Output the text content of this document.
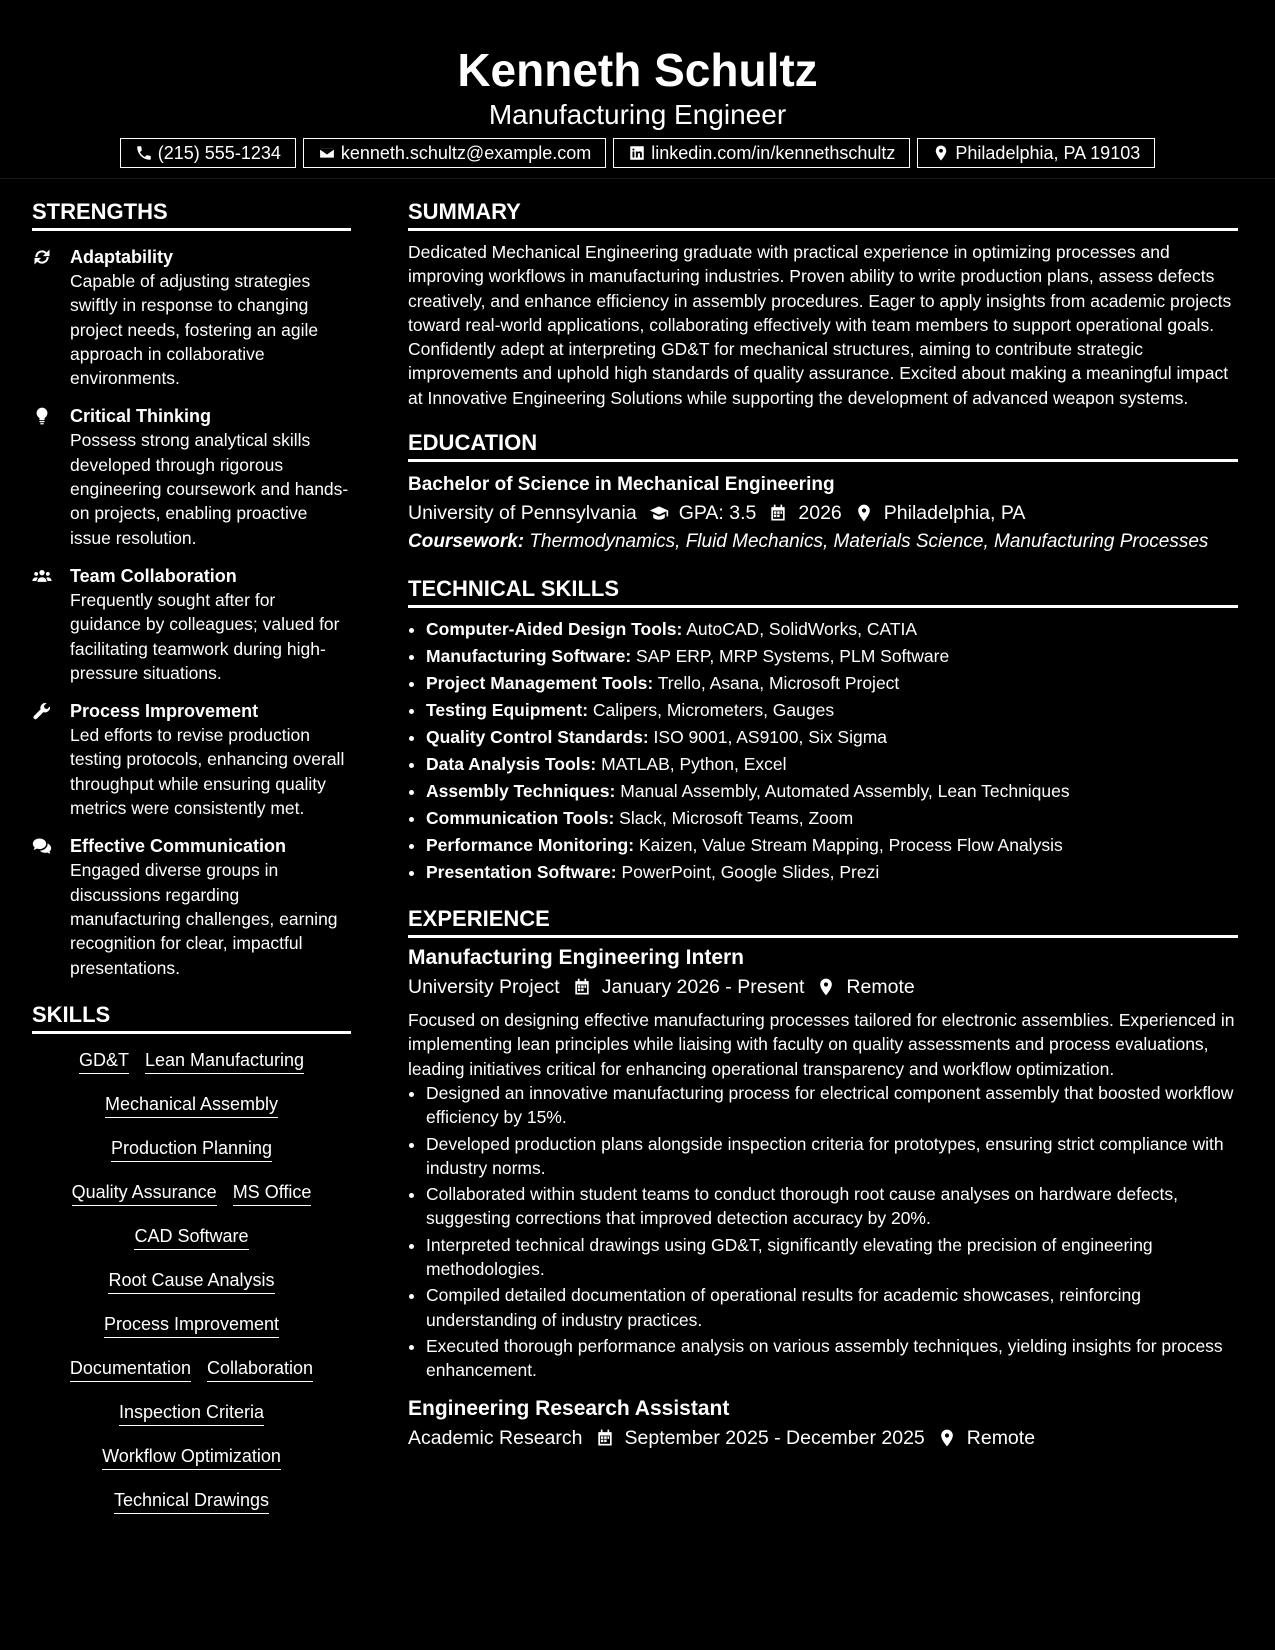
Kenneth Schultz
Manufacturing Engineer
(215) 555-1234	kenneth.schultz@example.com	linkedin.com/in/kennethschultz	Philadelphia, PA 19103
STRENGTHS
Adaptability
Capable of adjusting strategies swiftly in response to changing project needs, fostering an agile approach in collaborative environments.
Critical Thinking
Possess strong analytical skills developed through rigorous engineering coursework and hands-on projects, enabling proactive issue resolution.
Team Collaboration
Frequently sought after for guidance by colleagues; valued for facilitating teamwork during high-pressure situations.
Process Improvement
Led efforts to revise production testing protocols, enhancing overall throughput while ensuring quality metrics were consistently met.
Effective Communication
Engaged diverse groups in discussions regarding manufacturing challenges, earning recognition for clear, impactful presentations.
SKILLS
GD&T Lean Manufacturing
Mechanical Assembly
Production Planning
Quality Assurance MS Office
CAD Software
Root Cause Analysis
Process Improvement
Documentation Collaboration
Inspection Criteria
Workflow Optimization
Technical Drawings
SUMMARY

Dedicated Mechanical Engineering graduate with practical experience in optimizing processes and improving workflows in manufacturing industries. Proven ability to write production plans, assess defects creatively, and enhance efficiency in assembly procedures. Eager to apply insights from academic projects toward real-world applications, collaborating effectively with team members to support operational goals. Confidently adept at interpreting GD&T for mechanical structures, aiming to contribute strategic improvements and uphold high standards of quality assurance. Excited about making a meaningful impact at Innovative Engineering Solutions while supporting the development of advanced weapon systems.

EDUCATION
Bachelor of Science in Mechanical Engineering
University of Pennsylvania GPA: 3.5 2026 Philadelphia, PA
Coursework: Thermodynamics, Fluid Mechanics, Materials Science, Manufacturing Processes
TECHNICAL SKILLS
• Computer-Aided Design Tools: AutoCAD, SolidWorks, CATIA
• Manufacturing Software: SAP ERP, MRP Systems, PLM Software
• Project Management Tools: Trello, Asana, Microsoft Project
• Testing Equipment: Calipers, Micrometers, Gauges
• Quality Control Standards: ISO 9001, AS9100, Six Sigma
• Data Analysis Tools: MATLAB, Python, Excel
• Assembly Techniques: Manual Assembly, Automated Assembly, Lean Techniques
• Communication Tools: Slack, Microsoft Teams, Zoom
• Performance Monitoring: Kaizen, Value Stream Mapping, Process Flow Analysis
• Presentation Software: PowerPoint, Google Slides, Prezi
EXPERIENCE
Manufacturing Engineering Intern
University Project January 2026 - Present Remote

Focused on designing effective manufacturing processes tailored for electronic assemblies. Experienced in implementing lean principles while liaising with faculty on quality assessments and process evaluations, leading initiatives critical for enhancing operational transparency and workflow optimization.

• Designed an innovative manufacturing process for electrical component assembly that boosted workflow efficiency by 15%.
• Developed production plans alongside inspection criteria for prototypes, ensuring strict compliance with industry norms.
• Collaborated within student teams to conduct thorough root cause analyses on hardware defects, suggesting corrections that improved detection accuracy by 20%.
• Interpreted technical drawings using GD&T, significantly elevating the precision of engineering methodologies.
• Compiled detailed documentation of operational results for academic showcases, reinforcing understanding of industry practices.
• Executed thorough performance analysis on various assembly techniques, yielding insights for process enhancement.
Engineering Research Assistant
Academic Research September 2025 - December 2025 Remote
